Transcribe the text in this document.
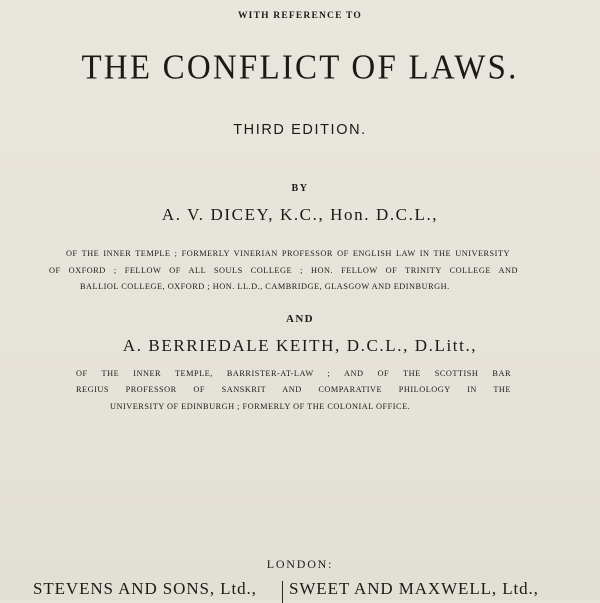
WITH REFERENCE TO
THE CONFLICT OF LAWS.
THIRD EDITION.
BY
A. V. DICEY, K.C., Hon. D.C.L.,
OF THE INNER TEMPLE ; FORMERLY VINERIAN PROFESSOR OF ENGLISH LAW IN THE UNIVERSITY
OF OXFORD ; FELLOW OF ALL SOULS COLLEGE ; HON. FELLOW OF TRINITY COLLEGE AND
BALLIOL COLLEGE, OXFORD ; HON. LL.D., CAMBRIDGE, GLASGOW AND EDINBURGH.
AND
A. BERRIEDALE KEITH, D.C.L., D.Litt.,
OF THE INNER TEMPLE, BARRISTER-AT-LAW ; AND OF THE SCOTTISH BAR
REGIUS PROFESSOR OF SANSKRIT AND COMPARATIVE PHILOLOGY IN THE
UNIVERSITY OF EDINBURGH ; FORMERLY OF THE COLONIAL OFFICE.
LONDON:
STEVENS AND SONS, Ltd., SWEET AND MAXWELL, Ltd.,
